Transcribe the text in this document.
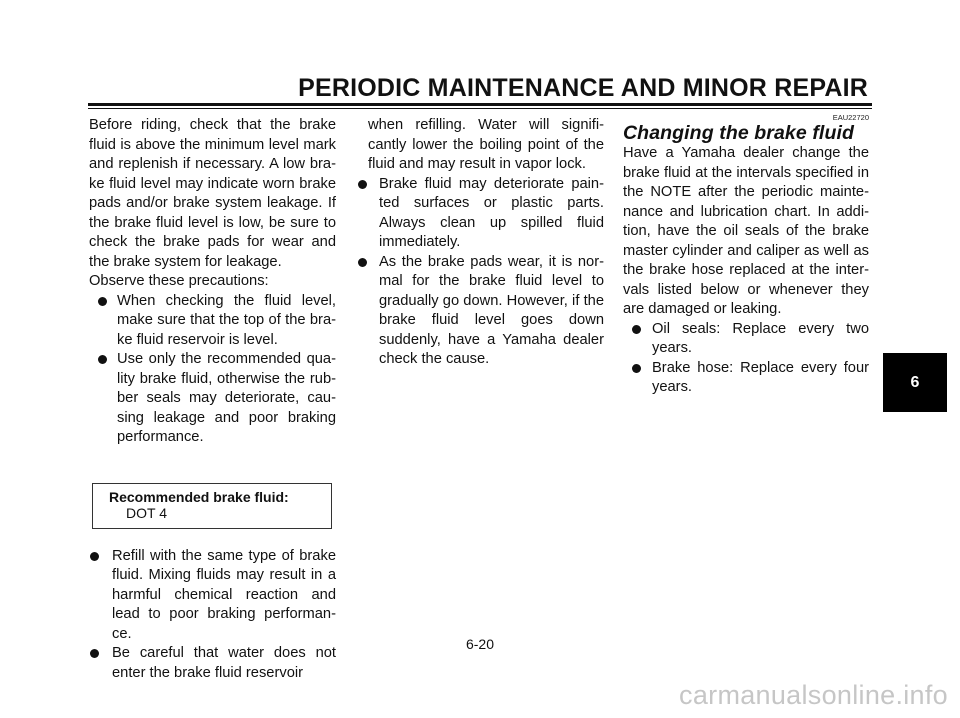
PERIODIC MAINTENANCE AND MINOR REPAIR

Before riding, check that the brake fluid is above the minimum level mark and replenish if necessary. A low bra-ke fluid level may indicate worn brake pads and/or brake system leakage. If the brake fluid level is low, be sure to check the brake pads for wear and the brake system for leakage.

Observe these precautions:

When checking the fluid level, make sure that the top of the bra-ke fluid reservoir is level.
Use only the recommended qua-lity brake fluid, otherwise the rub-ber seals may deteriorate, cau-sing leakage and poor braking performance.
Recommended brake fluid:
DOT 4
Refill with the same type of brake fluid. Mixing fluids may result in a harmful chemical reaction and lead to poor braking performan-ce.
Be careful that water does not enter the brake fluid reservoir

when refilling. Water will signifi-cantly lower the boiling point of the fluid and may result in vapor lock.

Brake fluid may deteriorate pain-ted surfaces or plastic parts. Always clean up spilled fluid immediately.
As the brake pads wear, it is nor-mal for the brake fluid level to gradually go down. However, if the brake fluid level goes down suddenly, have a Yamaha dealer check the cause.
EAU22720
Changing the brake fluid

Have a Yamaha dealer change the brake fluid at the intervals specified in the NOTE after the periodic mainte-nance and lubrication chart. In addi-tion, have the oil seals of the brake master cylinder and caliper as well as the brake hose replaced at the inter-vals listed below or whenever they are damaged or leaking.

Oil seals: Replace every two years.
Brake hose: Replace every four years.
6-20
6
carmanualsonline.info
